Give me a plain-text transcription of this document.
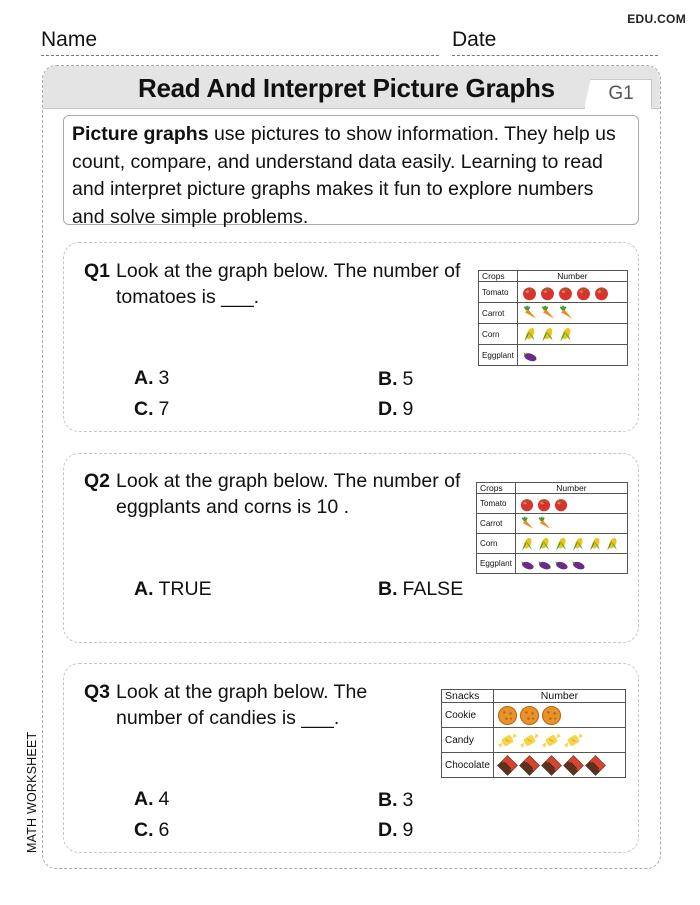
EDU.COM
Name	Date
Read And Interpret Picture Graphs	G1
Picture graphs use pictures to show information. They help us count, compare, and understand data easily. Learning to read and interpret picture graphs makes it fun to explore numbers and solve simple problems.
Q1 Look at the graph below. The number of tomatoes is ___.
A. 3	B. 5
C. 7	D. 9
Crops	Number
Tomato	
Carrot	
Corn	
Eggplant	
Q2 Look at the graph below. The number of eggplants and corns is 10 .
A. TRUE	B. FALSE
Crops	Number
Tomato	
Carrot	
Corn	
Eggplant	
Q3 Look at the graph below. The number of candies is ___.
A. 4	B. 3
C. 6	D. 9
Snacks	Number
Cookie	
Candy	
Chocolate	
MATH WORKSHEET
